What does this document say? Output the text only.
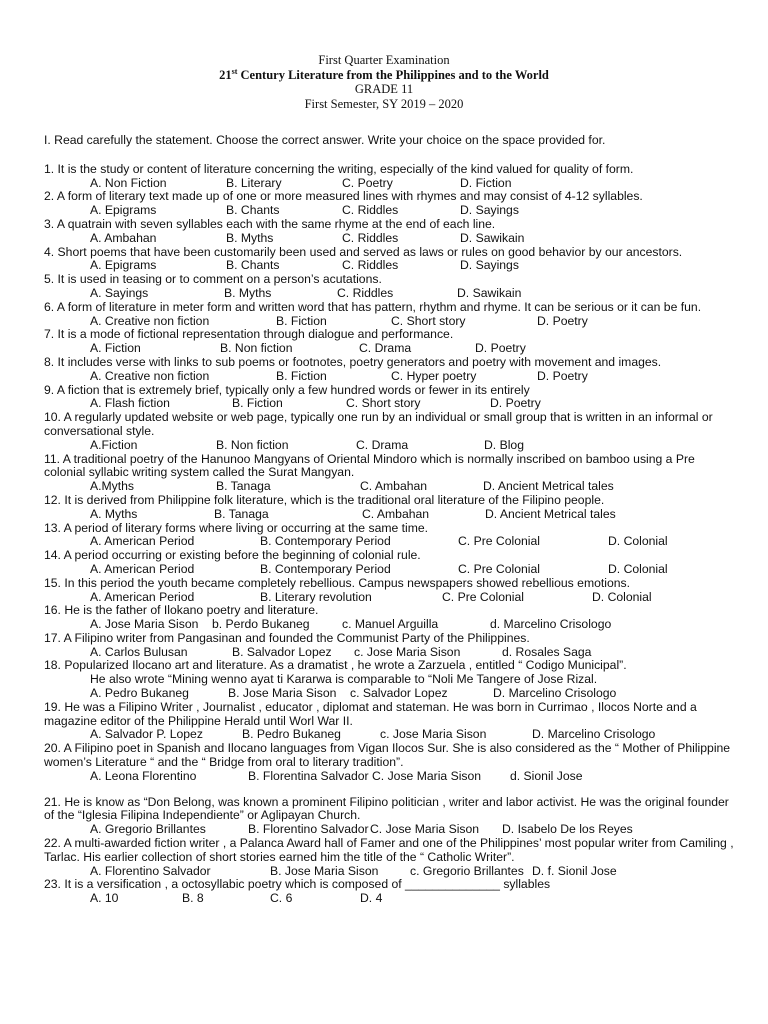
First Quarter Examination
21st Century Literature from the Philippines and to the World
GRADE 11
First Semester, SY 2019 – 2020

I. Read carefully the statement. Choose the correct answer. Write your choice on the space provided for.

1. It is the study or content of literature concerning the writing, especially of the kind valued for quality of form.

A. Non Fiction	B. Literary	C. Poetry	D. Fiction

2. A form of literary text made up of one or more measured lines with rhymes and may consist of 4-12 syllables.

A. Epigrams	B. Chants	C. Riddles	D. Sayings

3. A quatrain with seven syllables each with the same rhyme at the end of each line.

A. Ambahan	B. Myths	C. Riddles	D. Sawikain

4. Short poems that have been customarily been used and served as laws or rules on good behavior by our ancestors.

A. Epigrams	B. Chants	C. Riddles	D. Sayings

5. It is used in teasing or to comment on a person’s acutations.

A. Sayings	B. Myths	C. Riddles	D. Sawikain

6. A form of literature in meter form and written word that has pattern, rhythm and rhyme. It can be serious or it can be fun.

A. Creative non fiction	B. Fiction	C. Short story	D. Poetry

7. It is a mode of fictional representation through dialogue and performance.

A. Fiction	B. Non fiction	C. Drama	D. Poetry

8. It includes verse with links to sub poems or footnotes, poetry generators and poetry with movement and images.

A. Creative non fiction	B. Fiction	C. Hyper poetry	D. Poetry

9. A fiction that is extremely brief, typically only a few hundred words or fewer in its entirely

A. Flash fiction	B. Fiction	C. Short story	D. Poetry

10. A regularly updated website or web page, typically one run by an individual or small group that is written in an informal or conversational style.

A.Fiction	B. Non fiction	C. Drama	D. Blog

11. A traditional poetry of the Hanunoo Mangyans of Oriental Mindoro which is normally inscribed on bamboo using a Pre colonial syllabic writing system called the Surat Mangyan.

A.Myths	B. Tanaga	C. Ambahan	D. Ancient Metrical tales

12. It is derived from Philippine folk literature, which is the traditional oral literature of the Filipino people.

A. Myths	B. Tanaga	C. Ambahan	D. Ancient Metrical tales

13. A period of literary forms where living or occurring at the same time.

A. American Period	B. Contemporary Period	C. Pre Colonial	D. Colonial

14. A period occurring or existing before the beginning of colonial rule.

A. American Period	B. Contemporary Period	C. Pre Colonial	D. Colonial

15. In this period the youth became completely rebellious. Campus newspapers showed rebellious emotions.

A. American Period	B. Literary revolution	C. Pre Colonial	D. Colonial

16. He is the father of Ilokano poetry and literature.

A. Jose Maria Sison	b. Perdo Bukaneg	c. Manuel Arguilla	d. Marcelino Crisologo

17. A Filipino writer from Pangasinan and founded the Communist Party of the Philippines.

A. Carlos Bulusan	B. Salvador Lopez	c. Jose Maria Sison	d. Rosales Saga

18. Popularized Ilocano art and literature. As a dramatist , he wrote a Zarzuela , entitled “ Codigo Municipal”.

He also wrote “Mining wenno ayat ti Kararwa is comparable to “Noli Me Tangere of Jose Rizal.

A. Pedro Bukaneg	B. Jose Maria Sison	c. Salvador Lopez	D. Marcelino Crisologo

19. He was a Filipino Writer , Journalist , educator , diplomat and stateman. He was born in Currimao , Ilocos Norte and a magazine editor of the Philippine Herald until Worl War II.

A. Salvador P. Lopez	B. Pedro Bukaneg	c. Jose Maria Sison	D. Marcelino Crisologo

20. A Filipino poet in Spanish and Ilocano languages from Vigan Ilocos Sur. She is also considered as the “ Mother of Philippine women’s Literature “ and the “ Bridge from oral to literary tradition”.

A. Leona Florentino	B. Florentina Salvador C. Jose Maria Sison	d. Sionil Jose

21. He is know as “Don Belong, was known a prominent Filipino politician , writer and labor activist. He was the original founder of the “Iglesia Filipina Independiente” or Aglipayan Church.

A. Gregorio Brillantes	B. Florentino Salvador C. Jose Maria Sison	D. Isabelo De los Reyes

22. A multi-awarded fiction writer , a Palanca Award hall of Famer and one of the Philippines’ most popular writer from Camiling , Tarlac. His earlier collection of short stories earned him the title of the “ Catholic Writer”.

A. Florentino Salvador	B. Jose Maria Sison	c. Gregorio Brillantes D. f. Sionil Jose

23. It is a versification , a octosyllabic poetry which is composed of ______________ syllables

A. 10	B. 8	C. 6	D. 4
